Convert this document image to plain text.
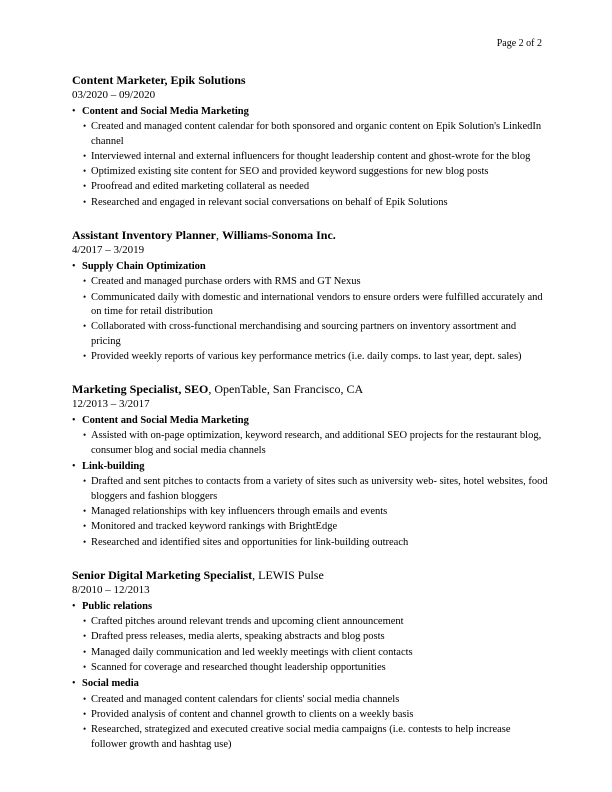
Page 2 of 2
Content Marketer, Epik Solutions
03/2020 – 09/2020
• Content and Social Media Marketing
• Created and managed content calendar for both sponsored and organic content on Epik Solution's LinkedIn channel
• Interviewed internal and external influencers for thought leadership content and ghost-wrote for the blog
• Optimized existing site content for SEO and provided keyword suggestions for new blog posts
• Proofread and edited marketing collateral as needed
• Researched and engaged in relevant social conversations on behalf of Epik Solutions
Assistant Inventory Planner, Williams-Sonoma Inc.
4/2017 – 3/2019
• Supply Chain Optimization
• Created and managed purchase orders with RMS and GT Nexus
• Communicated daily with domestic and international vendors to ensure orders were fulfilled accurately and on time for retail distribution
• Collaborated with cross-functional merchandising and sourcing partners on inventory assortment and pricing
• Provided weekly reports of various key performance metrics (i.e. daily comps. to last year, dept. sales)
Marketing Specialist, SEO, OpenTable, San Francisco, CA
12/2013 – 3/2017
• Content and Social Media Marketing
• Assisted with on-page optimization, keyword research, and additional SEO projects for the restaurant blog, consumer blog and social media channels
• Link-building
• Drafted and sent pitches to contacts from a variety of sites such as university web- sites, hotel websites, food bloggers and fashion bloggers
• Managed relationships with key influencers through emails and events
• Monitored and tracked keyword rankings with BrightEdge
• Researched and identified sites and opportunities for link-building outreach
Senior Digital Marketing Specialist, LEWIS Pulse
8/2010 – 12/2013
• Public relations
• Crafted pitches around relevant trends and upcoming client announcement
• Drafted press releases, media alerts, speaking abstracts and blog posts
• Managed daily communication and led weekly meetings with client contacts
• Scanned for coverage and researched thought leadership opportunities
• Social media
• Created and managed content calendars for clients' social media channels
• Provided analysis of content and channel growth to clients on a weekly basis
• Researched, strategized and executed creative social media campaigns (i.e. contests to help increase follower growth and hashtag use)
